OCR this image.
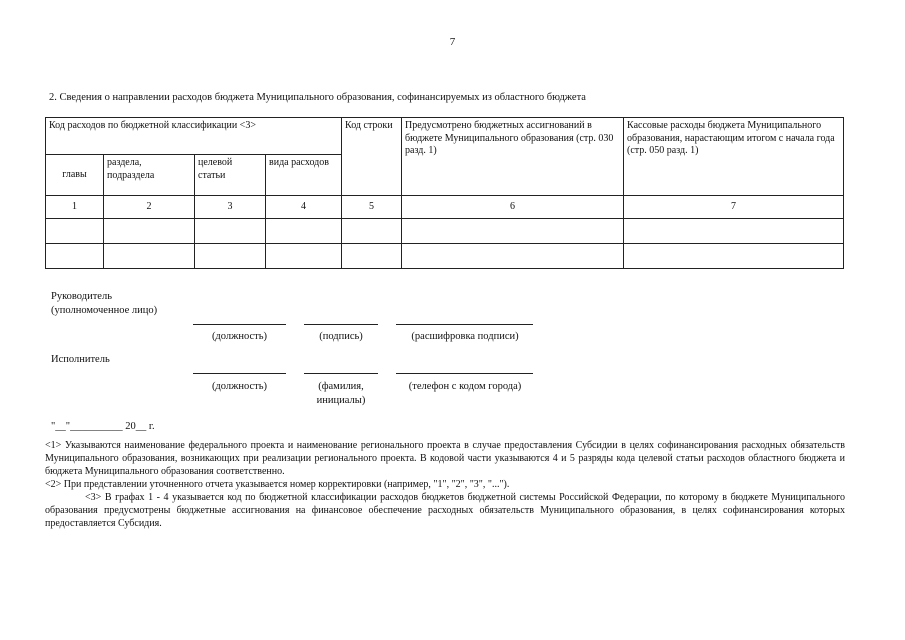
7
2. Сведения о направлении расходов бюджета Муниципального образования, софинансируемых из областного бюджета
Код расходов по бюджетной классификации <3>				Код строки	Предусмотрено бюджетных ассигнований в бюджете Муниципального образования (стр. 030 разд. 1)	Кассовые расходы бюджета Муниципального образования, нарастающим итогом с начала года (стр. 050 разд. 1)
главы	раздела, подраздела	целевой статьи	вида расходов			
1	2	3	4	5	6	7

Руководитель
(уполномоченное лицо)
(должность)	(подпись)	(расшифровка подписи)
Исполнитель
(должность)	(фамилия, инициалы)
(телефон с кодом города)
"__"__________ 20__ г.

<1> Указываются наименование федерального проекта и наименование регионального проекта в случае предоставления Субсидии в целях софинансирования расходных обязательств Муниципального образования, возникающих при реализации регионального проекта. В кодовой части указываются 4 и 5 разряды кода целевой статьи расходов областного бюджета и бюджета Муниципального образования соответственно.

<2> При представлении уточненного отчета указывается номер корректировки (например, "1", "2", "3", "...").

<3> В графах 1 - 4 указывается код по бюджетной классификации расходов бюджетов бюджетной системы Российской Федерации, по которому в бюджете Муниципального образования предусмотрены бюджетные ассигнования на финансовое обеспечение расходных обязательств Муниципального образования, в целях софинансирования которых предоставляется Субсидия.
